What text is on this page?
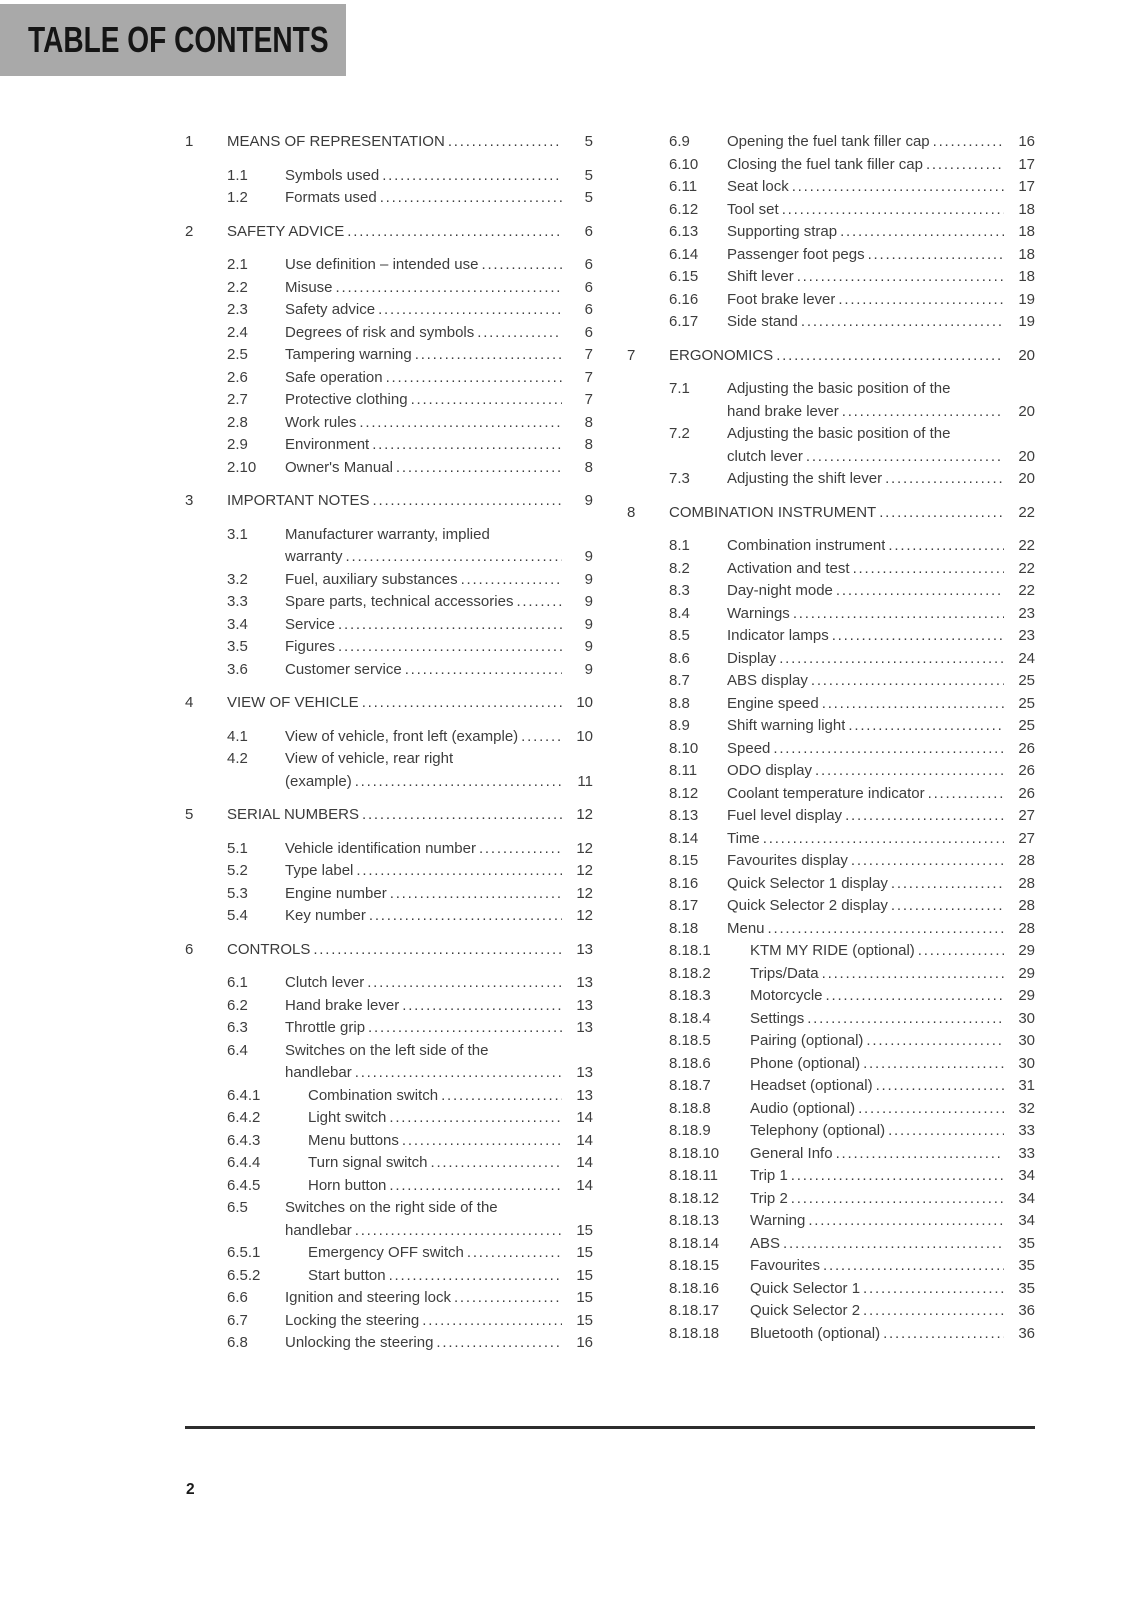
TABLE OF CONTENTS
1	MEANS OF REPRESENTATION .....	5
1.1	Symbols used .....	5
1.2	Formats used .....	5
2	SAFETY ADVICE .....	6
2.1	Use definition – intended use .....	6
2.2	Misuse .....	6
2.3	Safety advice .....	6
2.4	Degrees of risk and symbols .....	6
2.5	Tampering warning .....	7
2.6	Safe operation .....	7
2.7	Protective clothing .....	7
2.8	Work rules .....	8
2.9	Environment .....	8
2.10	Owner's Manual .....	8
3	IMPORTANT NOTES .....	9
3.1	Manufacturer warranty, implied
warranty .....	9
3.2	Fuel, auxiliary substances .....	9
3.3	Spare parts, technical accessories .....	9
3.4	Service .....	9
3.5	Figures .....	9
3.6	Customer service .....	9
4	VIEW OF VEHICLE .....	10
4.1	View of vehicle, front left (example) .....	10
4.2	View of vehicle, rear right
(example) .....	11
5	SERIAL NUMBERS .....	12
5.1	Vehicle identification number .....	12
5.2	Type label .....	12
5.3	Engine number .....	12
5.4	Key number .....	12
6	CONTROLS .....	13
6.1	Clutch lever .....	13
6.2	Hand brake lever .....	13
6.3	Throttle grip .....	13
6.4	Switches on the left side of the
handlebar .....	13
6.4.1	Combination switch .....	13
6.4.2	Light switch .....	14
6.4.3	Menu buttons .....	14
6.4.4	Turn signal switch .....	14
6.4.5	Horn button .....	14
6.5	Switches on the right side of the
handlebar .....	15
6.5.1	Emergency OFF switch .....	15
6.5.2	Start button .....	15
6.6	Ignition and steering lock .....	15
6.7	Locking the steering .....	15
6.8	Unlocking the steering .....	16
6.9	Opening the fuel tank filler cap .....	16
6.10	Closing the fuel tank filler cap .....	17
6.11	Seat lock .....	17
6.12	Tool set .....	18
6.13	Supporting strap .....	18
6.14	Passenger foot pegs .....	18
6.15	Shift lever .....	18
6.16	Foot brake lever .....	19
6.17	Side stand .....	19
7	ERGONOMICS .....	20
7.1	Adjusting the basic position of the
hand brake lever .....	20
7.2	Adjusting the basic position of the
clutch lever .....	20
7.3	Adjusting the shift lever .....	20
8	COMBINATION INSTRUMENT .....	22
8.1	Combination instrument .....	22
8.2	Activation and test .....	22
8.3	Day-night mode .....	22
8.4	Warnings .....	23
8.5	Indicator lamps .....	23
8.6	Display .....	24
8.7	ABS display .....	25
8.8	Engine speed .....	25
8.9	Shift warning light .....	25
8.10	Speed .....	26
8.11	ODO display .....	26
8.12	Coolant temperature indicator .....	26
8.13	Fuel level display .....	27
8.14	Time .....	27
8.15	Favourites display .....	28
8.16	Quick Selector 1 display .....	28
8.17	Quick Selector 2 display .....	28
8.18	Menu .....	28
8.18.1	KTM MY RIDE (optional) .....	29
8.18.2	Trips/Data .....	29
8.18.3	Motorcycle .....	29
8.18.4	Settings .....	30
8.18.5	Pairing (optional) .....	30
8.18.6	Phone (optional) .....	30
8.18.7	Headset (optional) .....	31
8.18.8	Audio (optional) .....	32
8.18.9	Telephony (optional) .....	33
8.18.10	General Info .....	33
8.18.11	Trip 1 .....	34
8.18.12	Trip 2 .....	34
8.18.13	Warning .....	34
8.18.14	ABS .....	35
8.18.15	Favourites .....	35
8.18.16	Quick Selector 1 .....	35
8.18.17	Quick Selector 2 .....	36
8.18.18	Bluetooth (optional) .....	36
2
